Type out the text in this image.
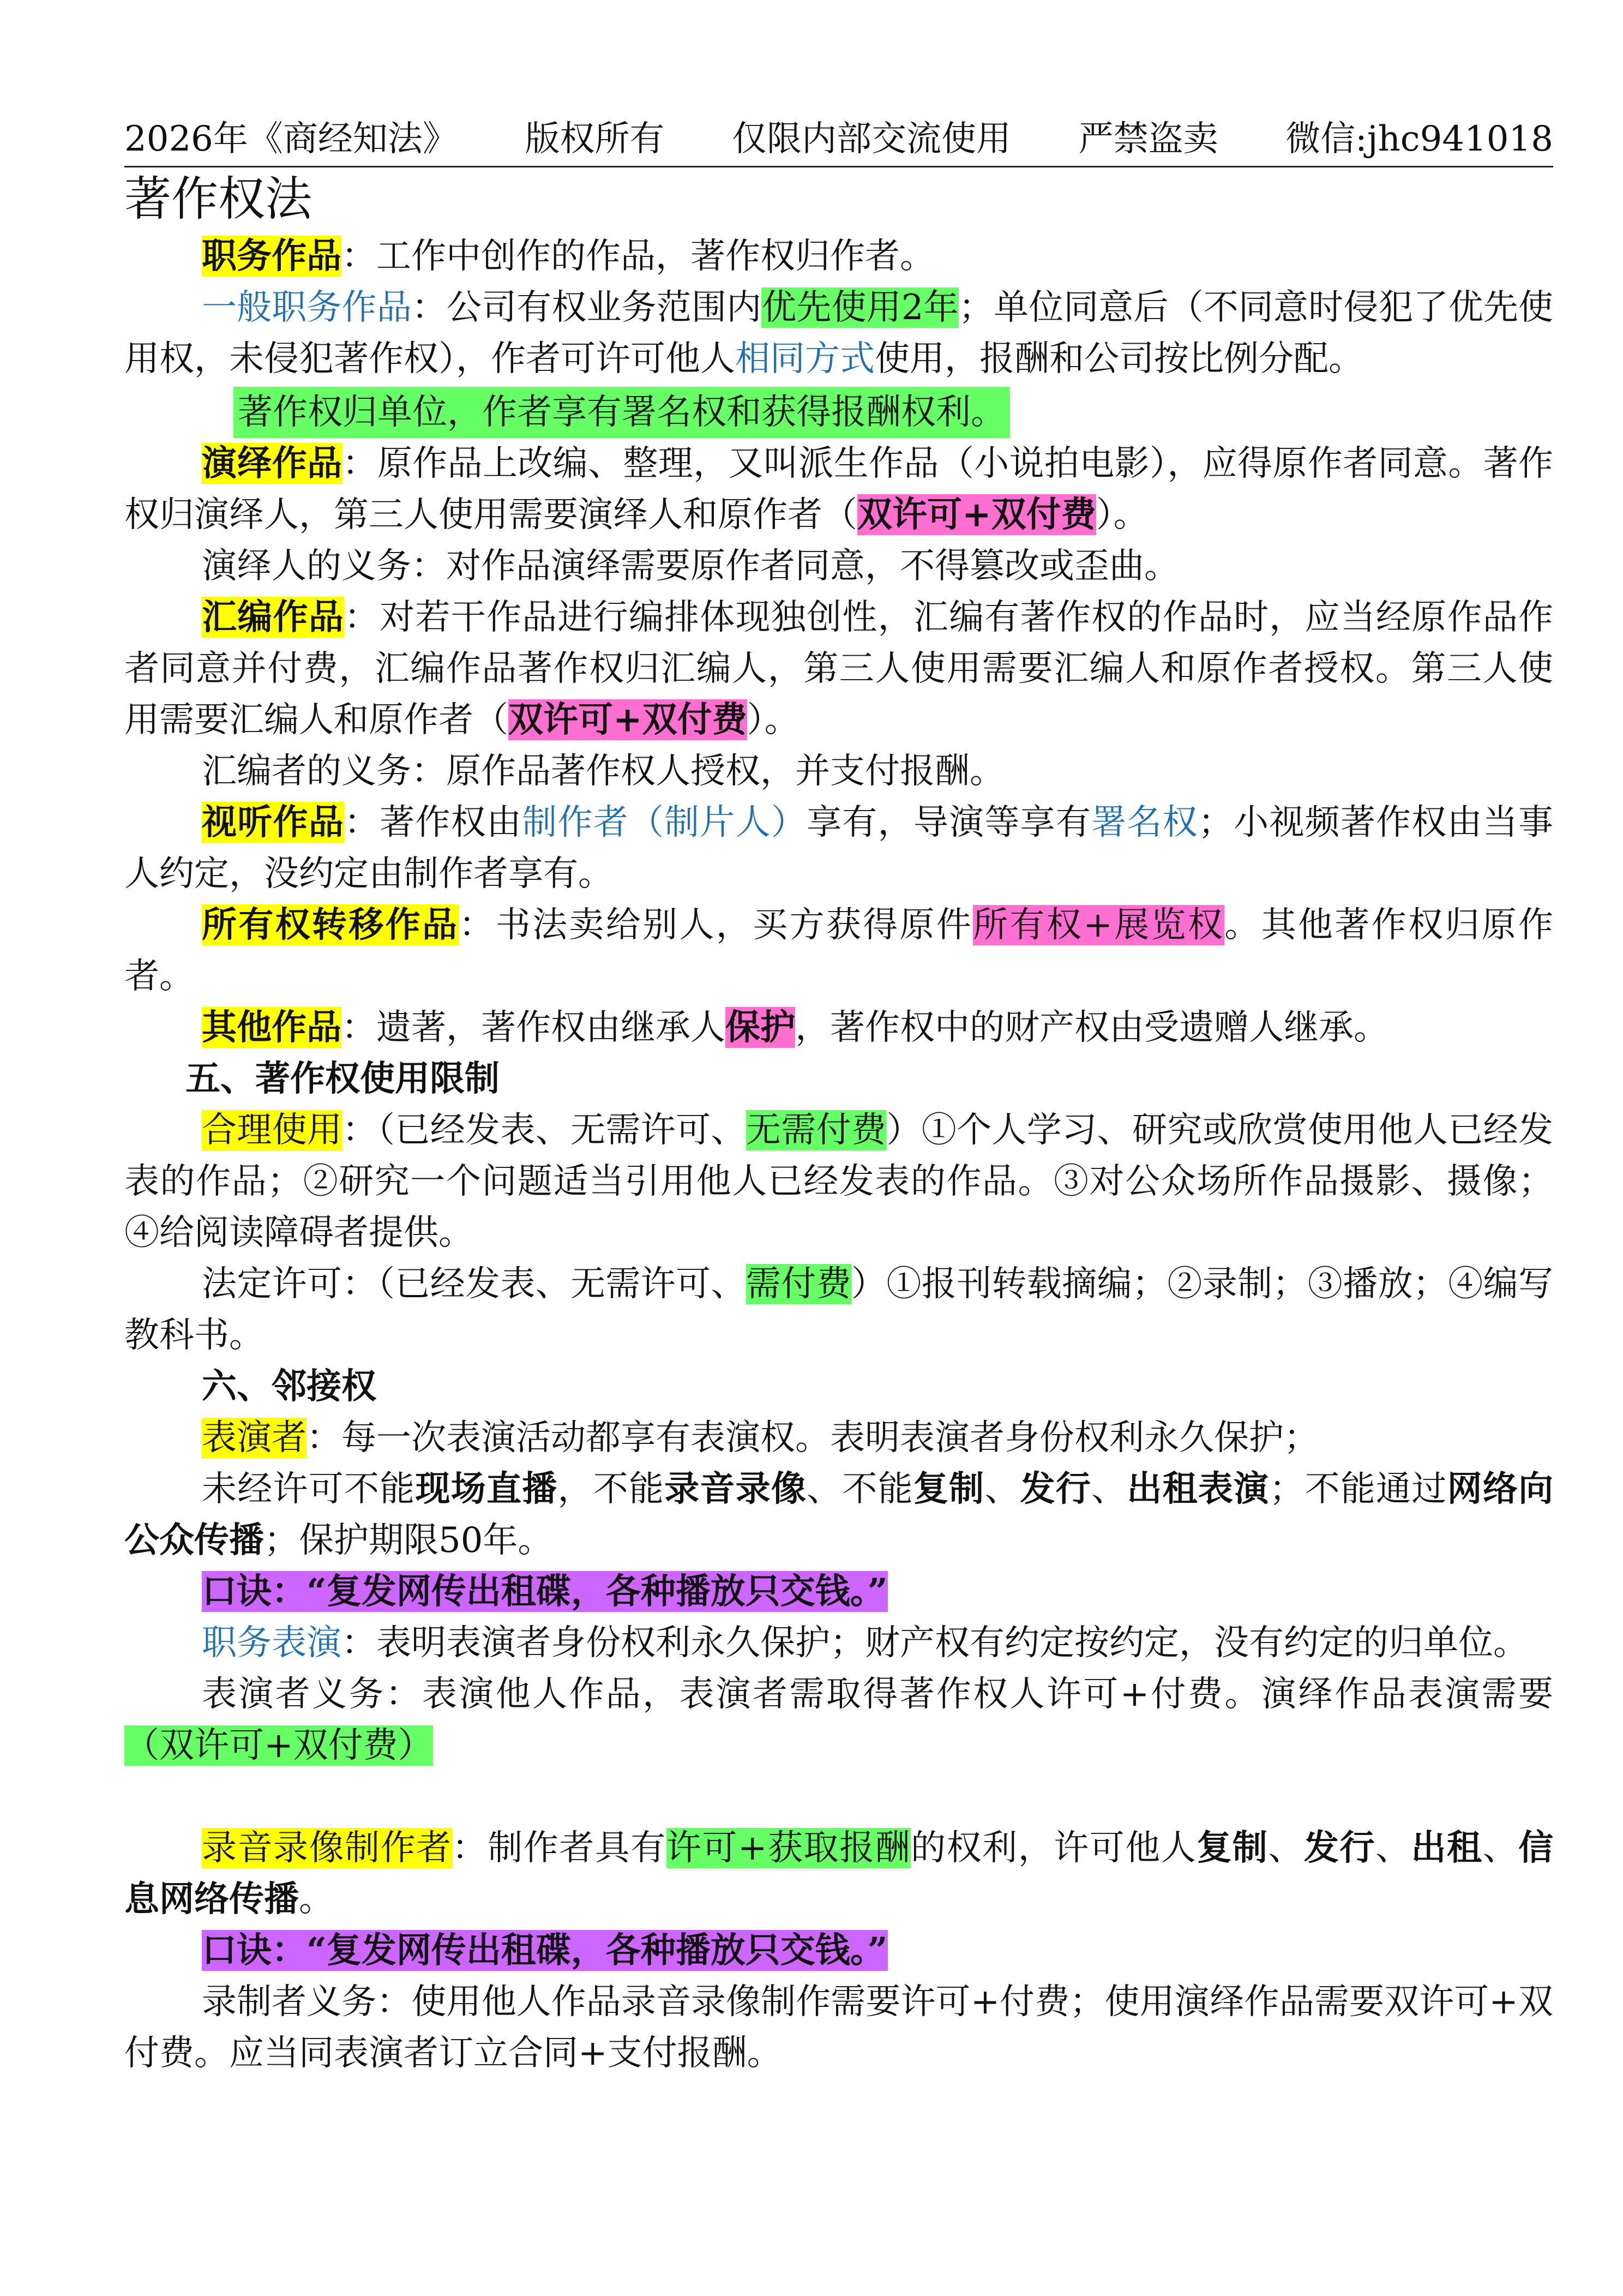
2026年《商经知法》 版权所有 仅限内部交流使用 严禁盗卖 微信:jhc941018
著作权法

职务作品：工作中创作的作品，著作权归作者。

一般职务作品：公司有权业务范围内优先使用2年；单位同意后（不同意时侵犯了优先使用权，未侵犯著作权），作者可许可他人相同方式使用，报酬和公司按比例分配。

著作权归单位，作者享有署名权和获得报酬权利。

演绎作品：原作品上改编、整理，又叫派生作品（小说拍电影），应得原作者同意。著作权归演绎人，第三人使用需要演绎人和原作者（双许可+双付费）。

演绎人的义务：对作品演绎需要原作者同意，不得篡改或歪曲。

汇编作品：对若干作品进行编排体现独创性，汇编有著作权的作品时，应当经原作品作者同意并付费，汇编作品著作权归汇编人，第三人使用需要汇编人和原作者授权。第三人使用需要汇编人和原作者（双许可+双付费）。

汇编者的义务：原作品著作权人授权，并支付报酬。

视听作品：著作权由制作者（制片人）享有，导演等享有署名权；小视频著作权由当事人约定，没约定由制作者享有。

所有权转移作品：书法卖给别人，买方获得原件所有权+展览权。其他著作权归原作者。

其他作品：遗著，著作权由继承人保护，著作权中的财产权由受遗赠人继承。

五、著作权使用限制

合理使用：（已经发表、无需许可、无需付费）①个人学习、研究或欣赏使用他人已经发表的作品；②研究一个问题适当引用他人已经发表的作品。③对公众场所作品摄影、摄像；④给阅读障碍者提供。

法定许可：（已经发表、无需许可、需付费）①报刊转载摘编；②录制；③播放；④编写教科书。

六、邻接权

表演者：每一次表演活动都享有表演权。表明表演者身份权利永久保护；

未经许可不能现场直播，不能录音录像、不能复制、发行、出租表演；不能通过网络向公众传播；保护期限50年。

口诀：“复发网传出租碟，各种播放只交钱。”

职务表演：表明表演者身份权利永久保护；财产权有约定按约定，没有约定的归单位。

表演者义务：表演他人作品，表演者需取得著作权人许可+付费。演绎作品表演需要（双许可+双付费）

录音录像制作者：制作者具有许可+获取报酬的权利，许可他人复制、发行、出租、信息网络传播。

口诀：“复发网传出租碟，各种播放只交钱。”

录制者义务：使用他人作品录音录像制作需要许可+付费；使用演绎作品需要双许可+双付费。应当同表演者订立合同+支付报酬。
